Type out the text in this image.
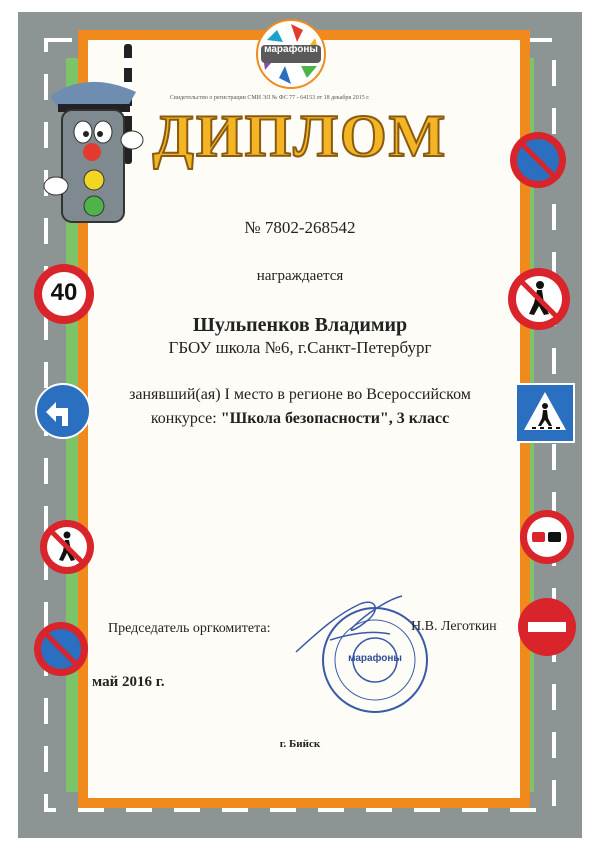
Свидетельство о регистрации СМИ ЭЛ № ФС 77 - 64153 от 18 декабря 2015 г.
марафоны
ДИПЛОМ
40
№ 7802-268542
награждается
Шульпенков Владимир
ГБОУ школа №6, г.Санкт-Петербург
занявший(ая) I место в регионе во Всероссийском
конкурсе: "Школа безопасности", 3 класс
марафоны
Председатель оргкомитета:	Н.В. Леготкин
май 2016 г.
г. Бийск
